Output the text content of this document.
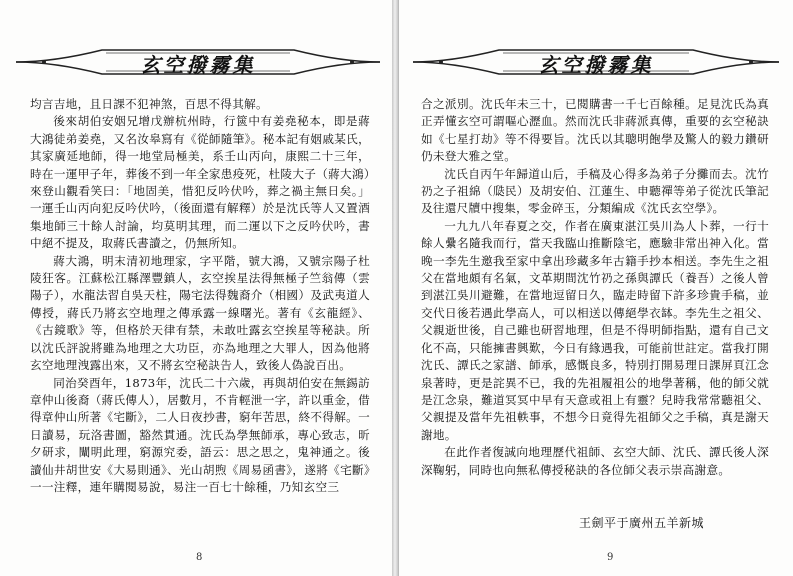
玄空撥霧集

均言吉地，且日課不犯神煞，百思不得其解。

後來胡伯安姻兄增戊辦杭州時，行篋中有姜堯秘本，即是蔣大鴻徒弟姜堯，又名汝皋寫有《從師隨筆》。秘本記有姻戚某氏，其家廣延地師，得一地堂局極美，系壬山丙向，康熙二十三年，時在一運甲子年，葬後不到一年全家患疫死，杜陵大子（蔣大鴻）來登山觀看笑曰：「地固美，惜犯反吟伏吟，葬之禍主無日矣。」一運壬山丙向犯反吟伏吟，（後面還有解釋）於是沈氏等人又置酒集地師三十餘人討論，均莫明其理，而二運以下之反吟伏吟，書中絕不提及，取蔣氏書讀之，仍無所知。

蔣大鴻，明末清初地理家，字平階，號大鴻，又號宗陽子杜陵狂客。江蘇松江縣澤豐鎮人，玄空挨星法得無極子竺翁傳（雲陽子），水龍法習自吳天柱，陽宅法得魏裔介（相國）及武夷道人傳授，蔣氏乃將玄空地理之傳承露一線曙光。著有《玄龍經》、《古鏡歌》等，但格於天律有禁，未敢吐露玄空挨星等秘訣。所以沈氏評說將雖為地理之大功臣，亦為地理之大罪人，因為他將玄空地理洩露出來，又不將玄空秘訣告人，致後人偽說百出。

同治癸酉年，1873年，沈氏二十六歲，再與胡伯安在無錫訪章仲山後裔（蔣氏傳人），居數月，不肯輕泄一字，許以重金，借得章仲山所著《宅斷》，二人日夜抄書，窮年苦思，終不得解。一日讀易，玩洛書圖，豁然貫通。沈氏為學無師承，專心致志，昕夕研求，闡明此理，窮源究委，語云：思之思之，鬼神通之。後讀仙井胡世安《大易則通》、光山胡煦《周易函書》，遂將《宅斷》一一注釋，連年購閱易說，易注一百七十餘種，乃知玄空三

8
玄空撥霧集

合之派別。沈氏年未三十，已閱購書一千七百餘種。足見沈氏為真正弄懂玄空可謂嘔心瀝血。然而沈氏非蔣派真傳，重要的玄空秘訣如《七星打劫》等不得要旨。沈氏以其聰明飽學及驚人的毅力鑽研仍未登大雅之堂。

沈氏自丙午年歸道山后，手稿及心得多為弟子分攤而去。沈竹礽之子祖綿（瓞民）及胡安伯、江蓮生、申聽禪等弟子從沈氏筆記及往還尺牘中搜集，零金碎玉，分類編成《沈氏玄空學》。

一九九八年春夏之交，作者在廣東湛江吳川為人卜葬，一行十餘人纍名隨我而行，當天我臨山推斷陰宅，應驗非常出神入化。當晚一李先生邀我至家中拿出珍藏多年古籍手抄本相送。李先生之祖父在當地頗有名氣，文革期間沈竹礽之孫與譚氏（養吾）之後人曾到湛江吳川避難，在當地逗留日久，臨走時留下許多珍貴手稿，並交代日後若遇此學高人，可以相送以傳絕學衣缽。李先生之祖父、父親逝世後，自己雖也研習地理，但是不得明師指點，還有自己文化不高，只能擁書興歎，今日有緣遇我，可能前世註定。當我打開沈氏、譚氏之家譜、師承，感慨良多，特別打開易理日課屏頁江念泉著時，更是詫異不已，我的先祖履祖公的地學著稱，他的師父就是江念泉，難道冥冥中早有天意或祖上有靈？兒時我常常聽祖父、父親提及當年先祖軼事，不想今日竟得先祖師父之手稿，真是謝天謝地。

在此作者復誠向地理歷代祖師、玄空大師、沈氏、譚氏後人深深鞠躬，同時也向無私傳授秘訣的各位師父表示崇高謝意。

王劍平于廣州五羊新城
9
